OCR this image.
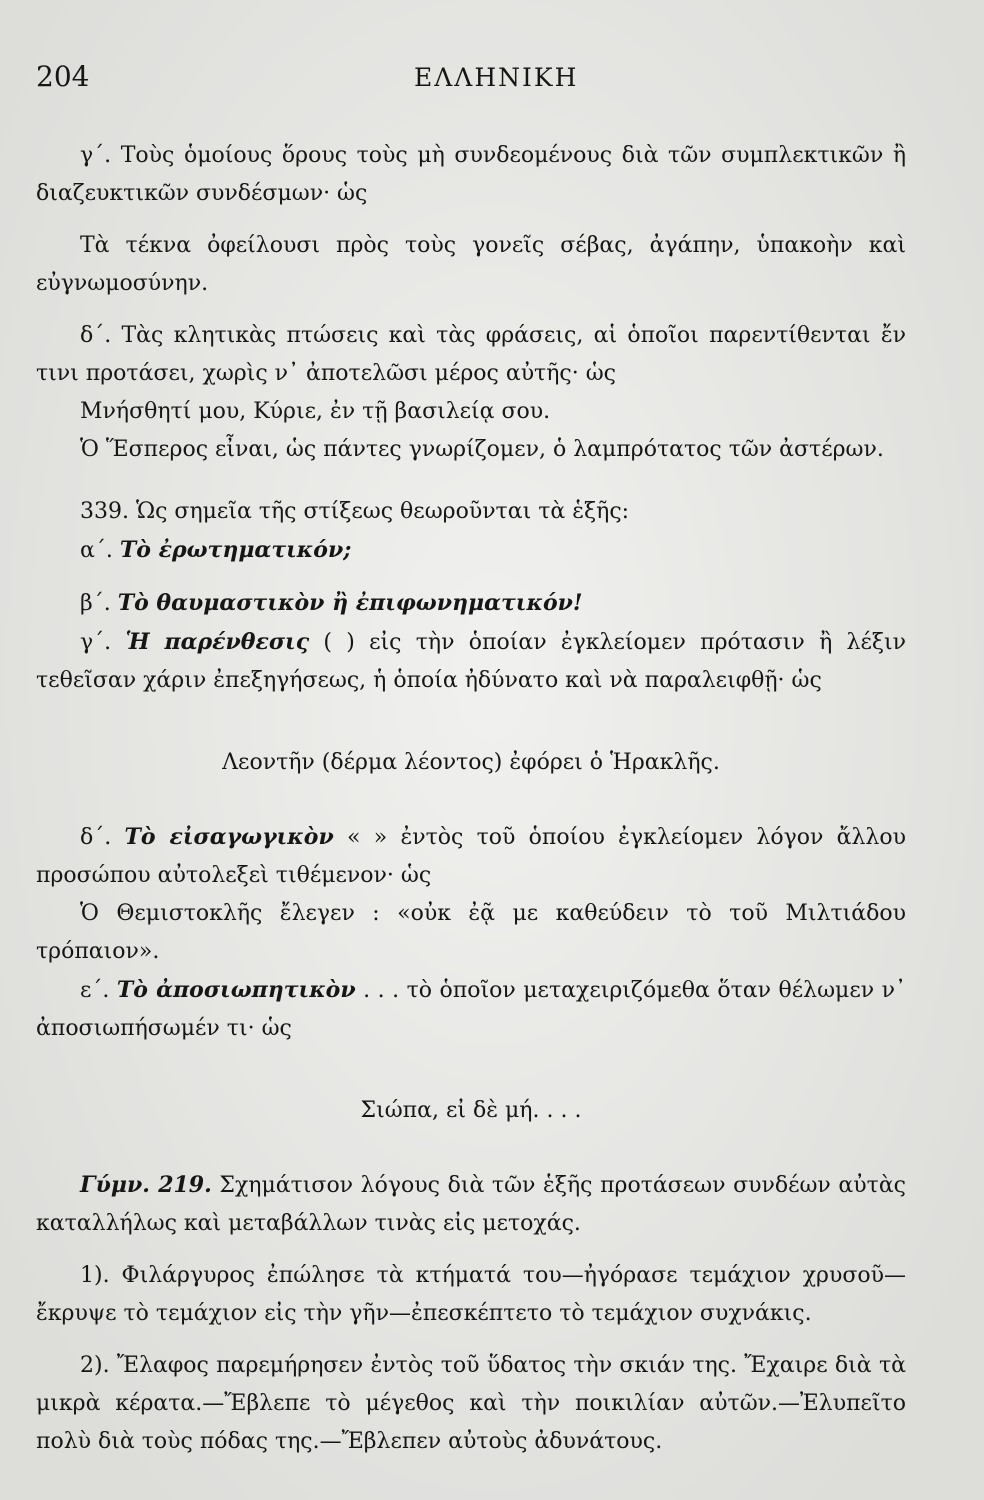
204	ΕΛΛΗΝΙΚΗ

γ΄. Τοὺς ὁμοίους ὅρους τοὺς μὴ συνδεομένους διὰ τῶν συμπλεκτικῶν ἢ διαζευκτικῶν συνδέσμων· ὡς

Τὰ τέκνα ὀφείλουσι πρὸς τοὺς γονεῖς σέβας, ἀγάπην, ὑπακοὴν καὶ εὐγνωμοσύνην.

δ΄. Τὰς κλητικὰς πτώσεις καὶ τὰς φράσεις, αἱ ὁποῖοι παρεντίθενται ἔν τινι προτάσει, χωρὶς ν᾽ ἀποτελῶσι μέρος αὐτῆς· ὡς

Μνήσθητί μου, Κύριε, ἐν τῇ βασιλείᾳ σου.

Ὁ Ἕσπερος εἶναι, ὡς πάντες γνωρίζομεν, ὁ λαμπρότατος τῶν ἀστέρων.

339. Ὡς σημεῖα τῆς στίξεως θεωροῦνται τὰ ἑξῆς:

α΄. Τὸ ἐρωτηματικόν;

β΄. Τὸ θαυμαστικὸν ἢ ἐπιφωνηματικόν!

γ΄. Ἡ παρένθεσις ( ) εἰς τὴν ὁποίαν ἐγκλείομεν πρότασιν ἢ λέξιν τεθεῖσαν χάριν ἐπεξηγήσεως, ἡ ὁποία ἠδύνατο καὶ νὰ παραλειφθῇ· ὡς

Λεοντῆν (δέρμα λέοντος) ἐφόρει ὁ Ἡρακλῆς.

δ΄. Τὸ εἰσαγωγικὸν « » ἐντὸς τοῦ ὁποίου ἐγκλείομεν λόγον ἄλλου προσώπου αὐτολεξεὶ τιθέμενον· ὡς

Ὁ Θεμιστοκλῆς ἔλεγεν : «οὐκ ἐᾷ με καθεύδειν τὸ τοῦ Μιλτιάδου τρόπαιον».

ε΄. Τὸ ἀποσιωπητικὸν . . . τὸ ὁποῖον μεταχειριζόμεθα ὅταν θέλωμεν ν᾽ ἀποσιωπήσωμέν τι· ὡς

Σιώπα, εἰ δὲ μή. . . .

Γύμν. 219. Σχημάτισον λόγους διὰ τῶν ἑξῆς προτάσεων συνδέων αὐτὰς καταλλήλως καὶ μεταβάλλων τινὰς εἰς μετοχάς.

1). Φιλάργυρος ἐπώλησε τὰ κτήματά του—ἠγόρασε τεμάχιον χρυσοῦ—ἔκρυψε τὸ τεμάχιον εἰς τὴν γῆν—ἐπεσκέπτετο τὸ τεμάχιον συχνάκις.

2). Ἔλαφος παρεμήρησεν ἐντὸς τοῦ ὕδατος τὴν σκιάν της. Ἔχαιρε διὰ τὰ μικρὰ κέρατα.—Ἔβλεπε τὸ μέγεθος καὶ τὴν ποικιλίαν αὐτῶν.—Ἐλυπεῖτο πολὺ διὰ τοὺς πόδας της.—Ἔβλεπεν αὐτοὺς ἀδυνάτους.
